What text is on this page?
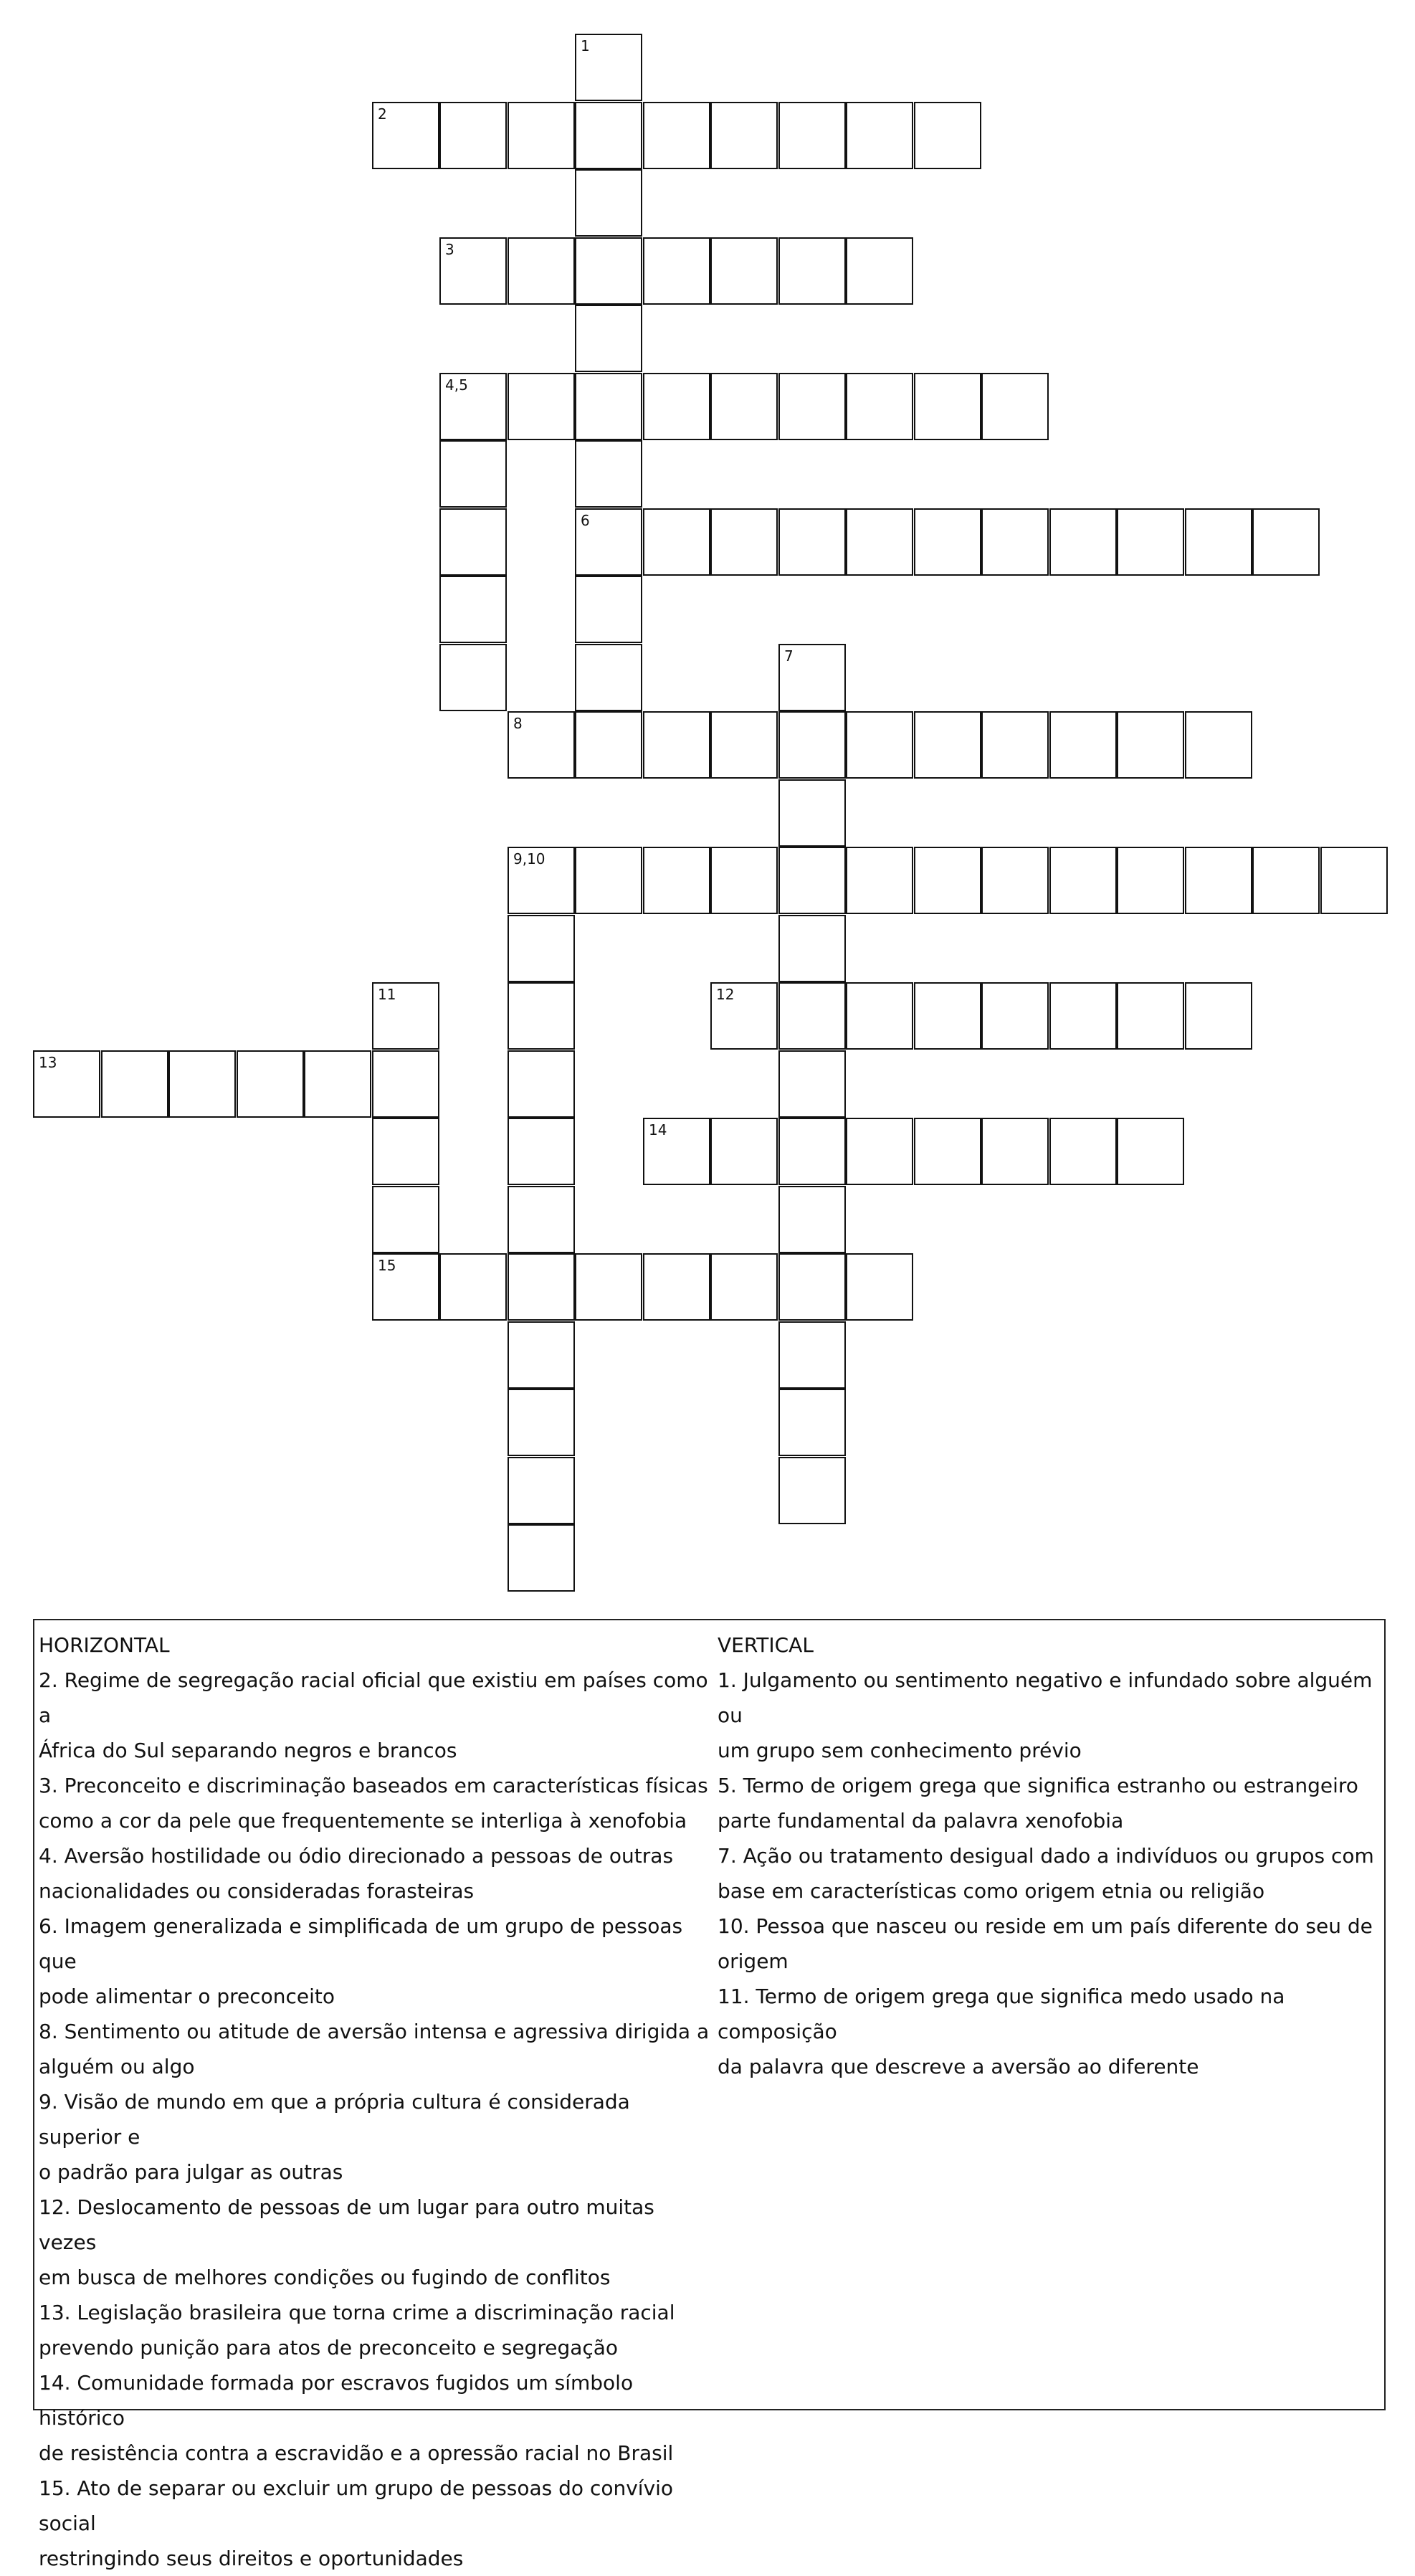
1
6
2
3
4,5
7
8
9,10
11
15
12
13
14
HORIZONTAL
2. Regime de segregação racial oficial que existiu em países como a
África do Sul separando negros e brancos
3. Preconceito e discriminação baseados em características físicas
como a cor da pele que frequentemente se interliga à xenofobia
4. Aversão hostilidade ou ódio direcionado a pessoas de outras
nacionalidades ou consideradas forasteiras
6. Imagem generalizada e simplificada de um grupo de pessoas que
pode alimentar o preconceito
8. Sentimento ou atitude de aversão intensa e agressiva dirigida a
alguém ou algo
9. Visão de mundo em que a própria cultura é considerada superior e
o padrão para julgar as outras
12. Deslocamento de pessoas de um lugar para outro muitas vezes
em busca de melhores condições ou fugindo de conflitos
13. Legislação brasileira que torna crime a discriminação racial
prevendo punição para atos de preconceito e segregação
14. Comunidade formada por escravos fugidos um símbolo histórico
de resistência contra a escravidão e a opressão racial no Brasil
15. Ato de separar ou excluir um grupo de pessoas do convívio social
restringindo seus direitos e oportunidades
VERTICAL
1. Julgamento ou sentimento negativo e infundado sobre alguém ou
um grupo sem conhecimento prévio
5. Termo de origem grega que significa estranho ou estrangeiro
parte fundamental da palavra xenofobia
7. Ação ou tratamento desigual dado a indivíduos ou grupos com
base em características como origem etnia ou religião
10. Pessoa que nasceu ou reside em um país diferente do seu de
origem
11. Termo de origem grega que significa medo usado na composição
da palavra que descreve a aversão ao diferente
